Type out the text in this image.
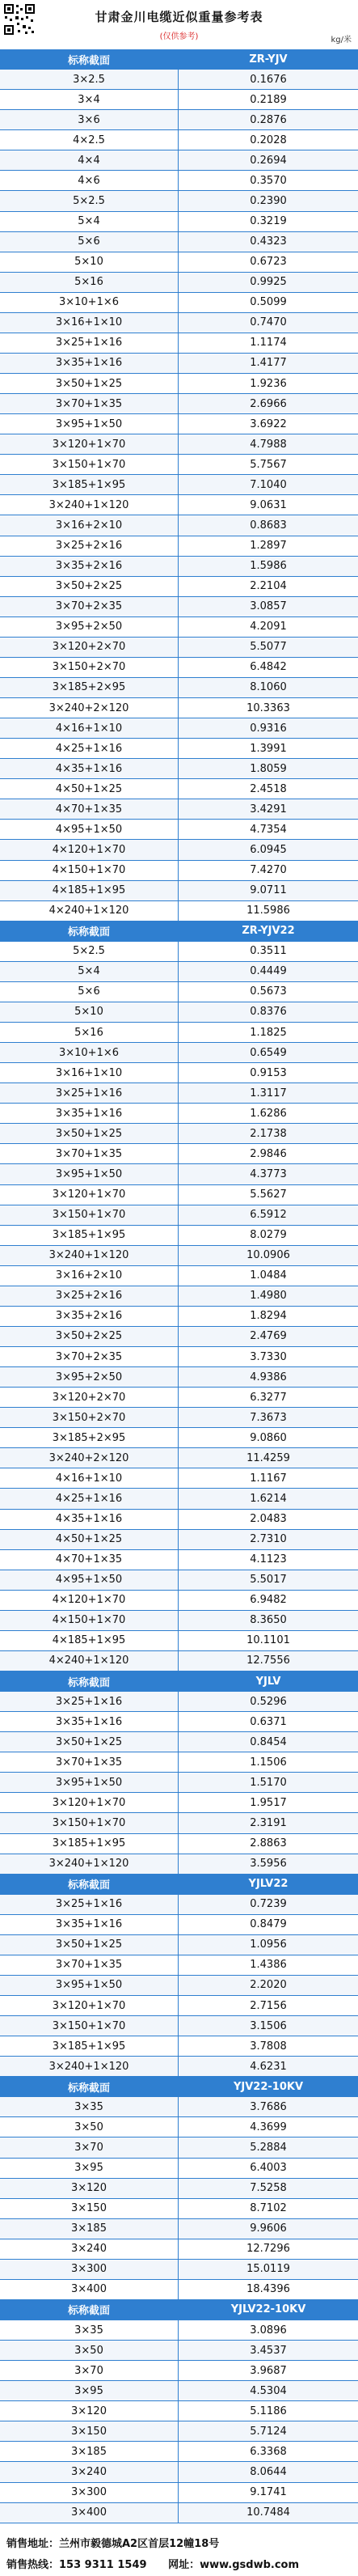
甘肃金川电缆近似重量参考表
(仅供参考)	kg/米
标称截面	ZR-YJV
3×2.5	0.1676
3×4	0.2189
3×6	0.2876
4×2.5	0.2028
4×4	0.2694
4×6	0.3570
5×2.5	0.2390
5×4	0.3219
5×6	0.4323
5×10	0.6723
5×16	0.9925
3×10+1×6	0.5099
3×16+1×10	0.7470
3×25+1×16	1.1174
3×35+1×16	1.4177
3×50+1×25	1.9236
3×70+1×35	2.6966
3×95+1×50	3.6922
3×120+1×70	4.7988
3×150+1×70	5.7567
3×185+1×95	7.1040
3×240+1×120	9.0631
3×16+2×10	0.8683
3×25+2×16	1.2897
3×35+2×16	1.5986
3×50+2×25	2.2104
3×70+2×35	3.0857
3×95+2×50	4.2091
3×120+2×70	5.5077
3×150+2×70	6.4842
3×185+2×95	8.1060
3×240+2×120	10.3363
4×16+1×10	0.9316
4×25+1×16	1.3991
4×35+1×16	1.8059
4×50+1×25	2.4518
4×70+1×35	3.4291
4×95+1×50	4.7354
4×120+1×70	6.0945
4×150+1×70	7.4270
4×185+1×95	9.0711
4×240+1×120	11.5986
标称截面	ZR-YJV22
5×2.5	0.3511
5×4	0.4449
5×6	0.5673
5×10	0.8376
5×16	1.1825
3×10+1×6	0.6549
3×16+1×10	0.9153
3×25+1×16	1.3117
3×35+1×16	1.6286
3×50+1×25	2.1738
3×70+1×35	2.9846
3×95+1×50	4.3773
3×120+1×70	5.5627
3×150+1×70	6.5912
3×185+1×95	8.0279
3×240+1×120	10.0906
3×16+2×10	1.0484
3×25+2×16	1.4980
3×35+2×16	1.8294
3×50+2×25	2.4769
3×70+2×35	3.7330
3×95+2×50	4.9386
3×120+2×70	6.3277
3×150+2×70	7.3673
3×185+2×95	9.0860
3×240+2×120	11.4259
4×16+1×10	1.1167
4×25+1×16	1.6214
4×35+1×16	2.0483
4×50+1×25	2.7310
4×70+1×35	4.1123
4×95+1×50	5.5017
4×120+1×70	6.9482
4×150+1×70	8.3650
4×185+1×95	10.1101
4×240+1×120	12.7556
标称截面	YJLV
3×25+1×16	0.5296
3×35+1×16	0.6371
3×50+1×25	0.8454
3×70+1×35	1.1506
3×95+1×50	1.5170
3×120+1×70	1.9517
3×150+1×70	2.3191
3×185+1×95	2.8863
3×240+1×120	3.5956
标称截面	YJLV22
3×25+1×16	0.7239
3×35+1×16	0.8479
3×50+1×25	1.0956
3×70+1×35	1.4386
3×95+1×50	2.2020
3×120+1×70	2.7156
3×150+1×70	3.1506
3×185+1×95	3.7808
3×240+1×120	4.6231
标称截面	YJV22-10KV
3×35	3.7686
3×50	4.3699
3×70	5.2884
3×95	6.4003
3×120	7.5258
3×150	8.7102
3×185	9.9606
3×240	12.7296
3×300	15.0119
3×400	18.4396
标称截面	YJLV22-10KV
3×35	3.0896
3×50	3.4537
3×70	3.9687
3×95	4.5304
3×120	5.1186
3×150	5.7124
3×185	6.3368
3×240	8.0644
3×300	9.1741
3×400	10.7484
销售地址：兰州市毅德城A2区首层12幢18号
销售热线：153 9311 1549 网址：www.gsdwb.com
